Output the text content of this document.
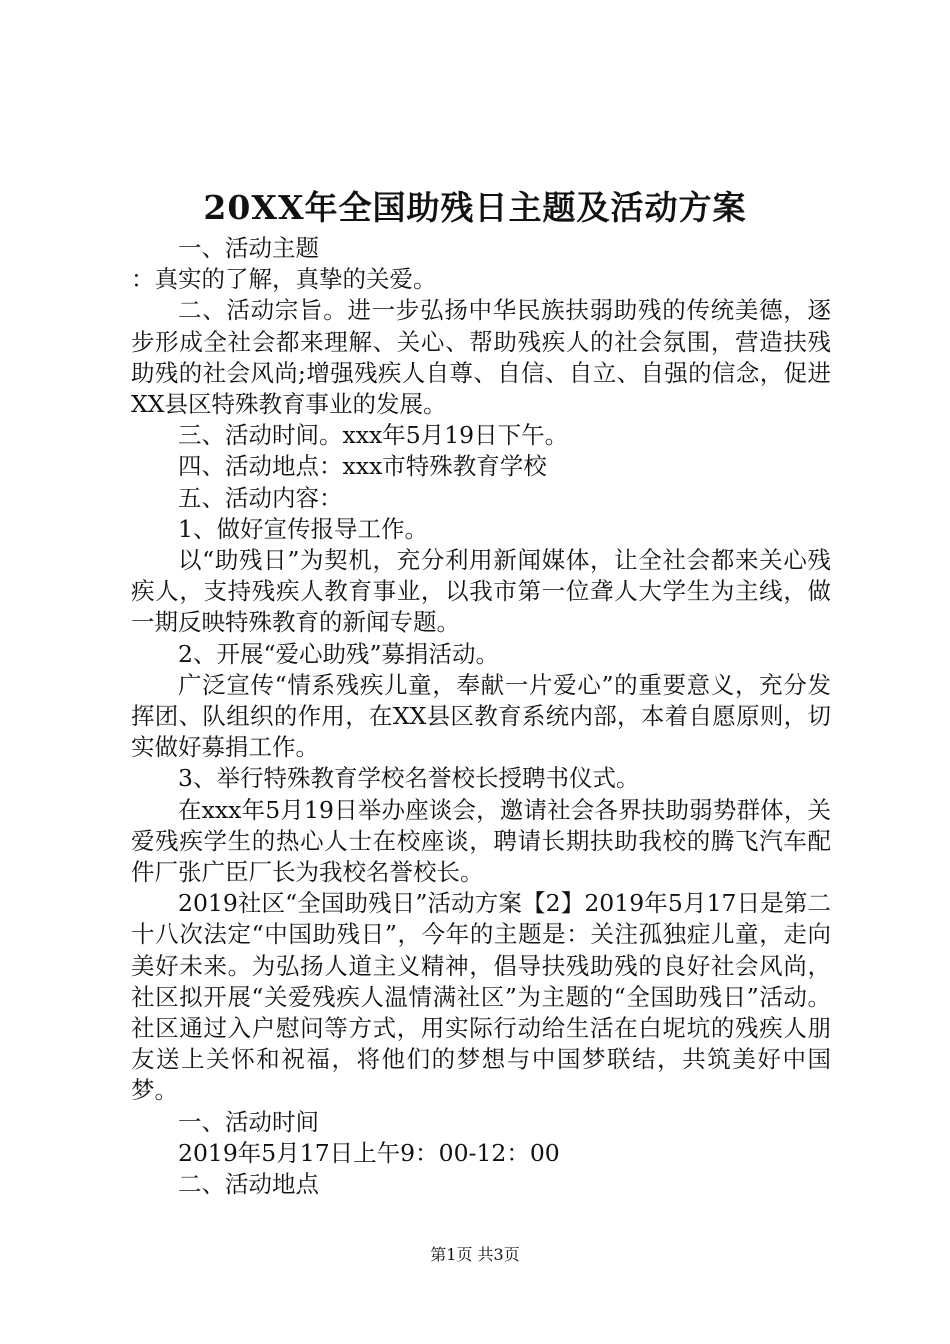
20XX年全国助残日主题及活动方案

一、活动主题

：真实的了解，真挚的关爱。

二、活动宗旨。进一步弘扬中华民族扶弱助残的传统美德，逐步形成全社会都来理解、关心、帮助残疾人的社会氛围，营造扶残助残的社会风尚;增强残疾人自尊、自信、自立、自强的信念，促进XX县区特殊教育事业的发展。

三、活动时间。xxx年5月19日下午。

四、活动地点：xxx市特殊教育学校

五、活动内容：

1、做好宣传报导工作。

以“助残日”为契机，充分利用新闻媒体，让全社会都来关心残疾人，支持残疾人教育事业，以我市第一位聋人大学生为主线，做一期反映特殊教育的新闻专题。

2、开展“爱心助残”募捐活动。

广泛宣传“情系残疾儿童，奉献一片爱心”的重要意义，充分发挥团、队组织的作用，在XX县区教育系统内部，本着自愿原则，切实做好募捐工作。

3、举行特殊教育学校名誉校长授聘书仪式。

在xxx年5月19日举办座谈会，邀请社会各界扶助弱势群体，关爱残疾学生的热心人士在校座谈，聘请长期扶助我校的腾飞汽车配件厂张广臣厂长为我校名誉校长。

2019社区“全国助残日”活动方案【2】2019年5月17日是第二十八次法定“中国助残日”，今年的主题是：关注孤独症儿童，走向美好未来。为弘扬人道主义精神，倡导扶残助残的良好社会风尚，社区拟开展“关爱残疾人温情满社区”为主题的“全国助残日”活动。社区通过入户慰问等方式，用实际行动给生活在白坭坑的残疾人朋友送上关怀和祝福，将他们的梦想与中国梦联结，共筑美好中国梦。

一、活动时间

2019年5月17日上午9：00-12：00

二、活动地点

第1页 共3页
